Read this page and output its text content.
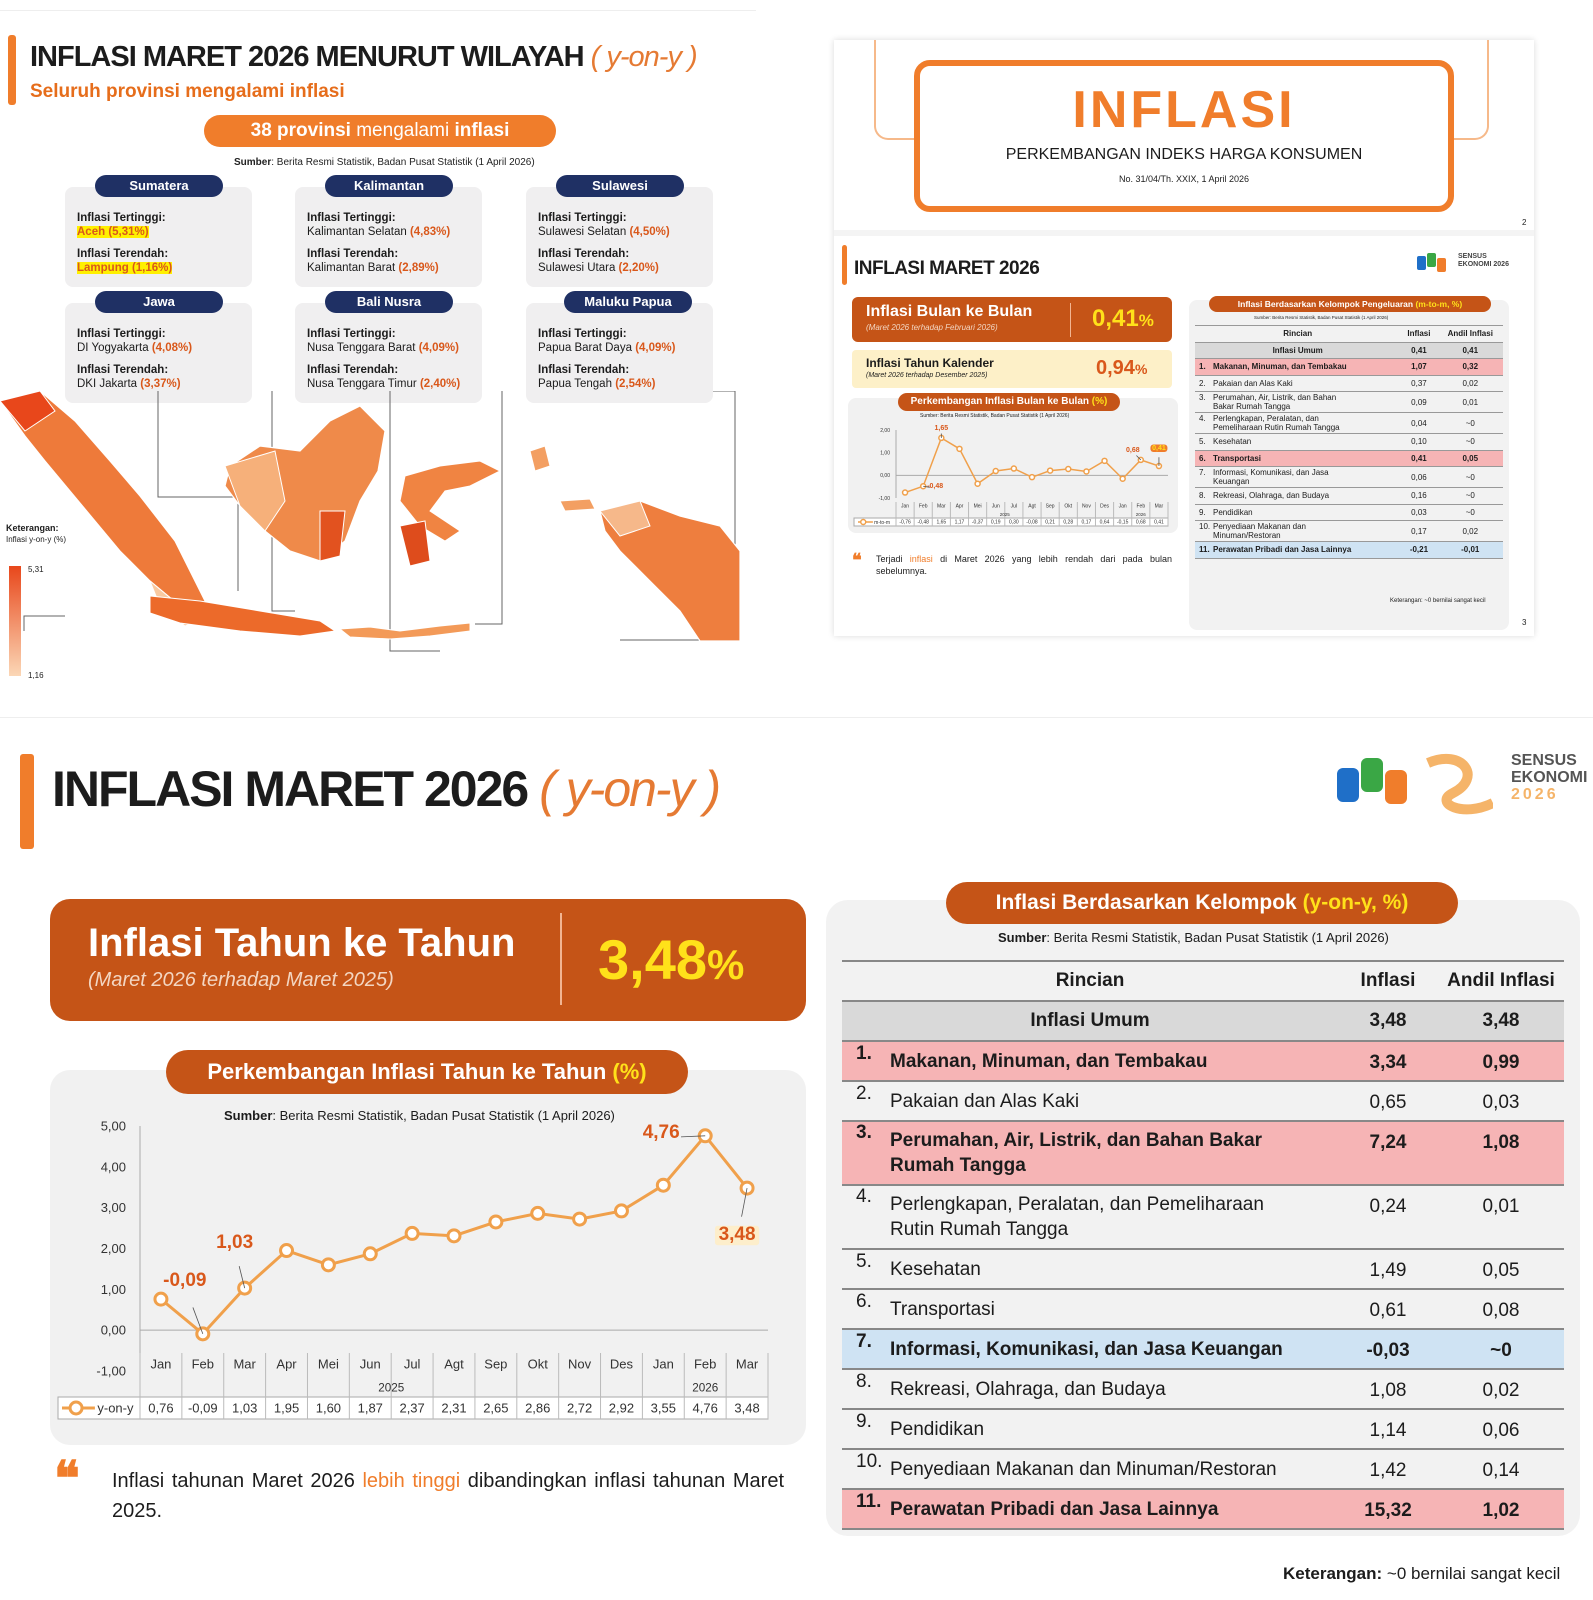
INFLASI MARET 2026 MENURUT WILAYAH ( y-on-y )
Seluruh provinsi mengalami inflasi
38 provinsi mengalami inflasi
Sumber: Berita Resmi Statistik, Badan Pusat Statistik (1 April 2026)
Sumatera
Inflasi Tertinggi:
Aceh (5,31%)
Inflasi Terendah:
Lampung (1,16%)
Kalimantan
Inflasi Tertinggi:
Kalimantan Selatan (4,83%)
Inflasi Terendah:
Kalimantan Barat (2,89%)
Sulawesi
Inflasi Tertinggi:
Sulawesi Selatan (4,50%)
Inflasi Terendah:
Sulawesi Utara (2,20%)
Jawa
Inflasi Tertinggi:
DI Yogyakarta (4,08%)
Inflasi Terendah:
DKI Jakarta (3,37%)
Bali Nusra
Inflasi Tertinggi:
Nusa Tenggara Barat (4,09%)
Inflasi Terendah:
Nusa Tenggara Timur (2,40%)
Maluku Papua
Inflasi Tertinggi:
Papua Barat Daya (4,09%)
Inflasi Terendah:
Papua Tengah (2,54%)
Keterangan:
Inflasi y-on-y (%)
5,31
1,16
INFLASI
PERKEMBANGAN INDEKS HARGA KONSUMEN
No. 31/04/Th. XXIX, 1 April 2026
2
INFLASI MARET 2026
SENSUS EKONOMI 2026
Inflasi Bulan ke Bulan
(Maret 2026 terhadap Februari 2026)	0,41%
Inflasi Tahun Kalender
(Maret 2026 terhadap Desember 2025)	0,94%
Perkembangan Inflasi Bulan ke Bulan (%)
Sumber: Berita Resmi Statistik, Badan Pusat Statistik (1 April 2026)
2,00
1,00
0,00
-1,00
Jan
-0,76
Feb
-0,48
Mar
1,65
Apr
1,17
Mei
-0,37
Jun
0,19
Jul
0,30
Agt
-0,08
Sep
0,21
Okt
0,28
Nov
0,17
Des
0,64
Jan
-0,15
Feb
0,68
Mar
0,41
2025	2026
m-to-m
-0,48
1,65
0,68 0,41
❝ Terjadi inflasi di Maret 2026 yang lebih rendah dari pada bulan sebelumnya.
Inflasi Berdasarkan Kelompok Pengeluaran (m-to-m, %)
Sumber: Berita Resmi Statistik, Badan Pusat Statistik (1 April 2026)
Rincian	Inflasi	Andil Inflasi
Inflasi Umum	0,41	0,41
1. Makanan, Minuman, dan Tembakau	1,07	0,32
2. Pakaian dan Alas Kaki	0,37	0,02
3. Perumahan, Air, Listrik, dan Bahan Bakar Rumah Tangga	0,09	0,01
4. Perlengkapan, Peralatan, dan Pemeliharaan Rutin Rumah Tangga	0,04	~0
5. Kesehatan	0,10	~0
6. Transportasi	0,41	0,05
7. Informasi, Komunikasi, dan Jasa Keuangan	0,06	~0
8. Rekreasi, Olahraga, dan Budaya	0,16	~0
9. Pendidikan	0,03	~0
10. Penyediaan Makanan dan Minuman/Restoran	0,17	0,02
11. Perawatan Pribadi dan Jasa Lainnya	-0,21	-0,01
Keterangan: ~0 bernilai sangat kecil
3
INFLASI MARET 2026 ( y-on-y )
SENSUS
EKONOMI
2026
Inflasi Tahun ke Tahun
(Maret 2026 terhadap Maret 2025)	3,48%
Perkembangan Inflasi Tahun ke Tahun (%)
Sumber: Berita Resmi Statistik, Badan Pusat Statistik (1 April 2026)
5,00
4,00
3,00
2,00
1,00
0,00
-1,00 Jan
0,76
Feb
-0,09
Mar
1,03
Apr
1,95
Mei
1,60
Jun
1,87
Jul
2,37
Agt
2,31
Sep
2,65
Okt
2,86
Nov
2,72
Des
2,92
Jan
3,55
Feb
4,76
Mar
3,48
2025	2026
y-on-y
-0,09
1,03
4,76
3,48
❝ Inflasi tahunan Maret 2026 lebih tinggi dibandingkan inflasi tahunan Maret 2025.
Inflasi Berdasarkan Kelompok (y-on-y, %)
Sumber: Berita Resmi Statistik, Badan Pusat Statistik (1 April 2026)
Rincian	Inflasi	Andil Inflasi
Inflasi Umum	3,48	3,48
1. Makanan, Minuman, dan Tembakau	3,34	0,99
2. Pakaian dan Alas Kaki	0,65	0,03
3. Perumahan, Air, Listrik, dan Bahan Bakar Rumah Tangga	7,24	1,08
4. Perlengkapan, Peralatan, dan Pemeliharaan Rutin Rumah Tangga	0,24	0,01
5. Kesehatan	1,49	0,05
6. Transportasi	0,61	0,08
7. Informasi, Komunikasi, dan Jasa Keuangan	-0,03	~0
8. Rekreasi, Olahraga, dan Budaya	1,08	0,02
9. Pendidikan	1,14	0,06
10. Penyediaan Makanan dan Minuman/Restoran	1,42	0,14
11. Perawatan Pribadi dan Jasa Lainnya	15,32	1,02
Keterangan: ~0 bernilai sangat kecil
